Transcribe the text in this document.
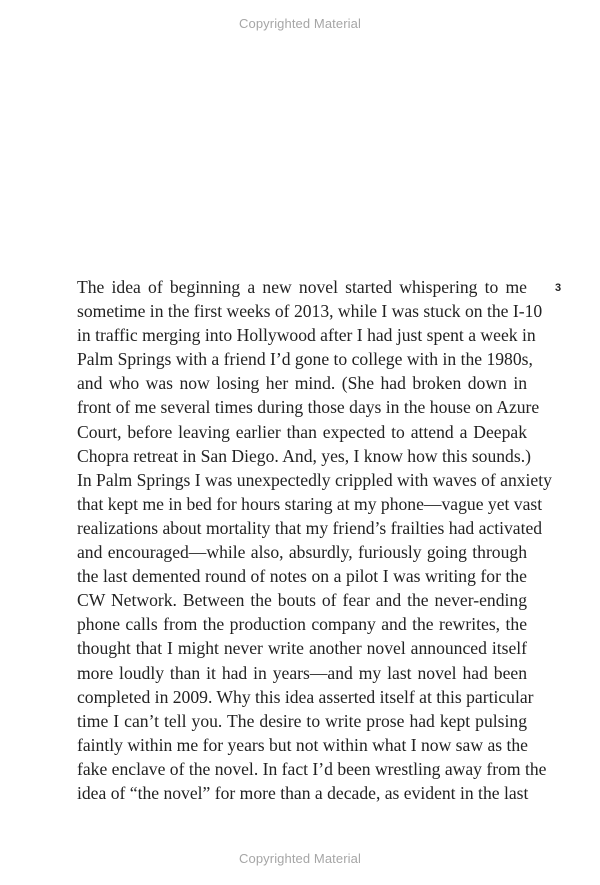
Copyrighted Material
3
The idea of beginning a new novel started whispering to me
sometime in the first weeks of 2013, while I was stuck on the I-10
in traffic merging into Hollywood after I had just spent a week in
Palm Springs with a friend I’d gone to college with in the 1980s,
and who was now losing her mind. (She had broken down in
front of me several times during those days in the house on Azure
Court, before leaving earlier than expected to attend a Deepak
Chopra retreat in San Diego. And, yes, I know how this sounds.)
In Palm Springs I was unexpectedly crippled with waves of anxiety
that kept me in bed for hours staring at my phone—vague yet vast
realizations about mortality that my friend’s frailties had activated
and encouraged—while also, absurdly, furiously going through
the last demented round of notes on a pilot I was writing for the
CW Network. Between the bouts of fear and the never-ending
phone calls from the production company and the rewrites, the
thought that I might never write another novel announced itself
more loudly than it had in years—and my last novel had been
completed in 2009. Why this idea asserted itself at this particular
time I can’t tell you. The desire to write prose had kept pulsing
faintly within me for years but not within what I now saw as the
fake enclave of the novel. In fact I’d been wrestling away from the
idea of “the novel” for more than a decade, as evident in the last
Copyrighted Material
